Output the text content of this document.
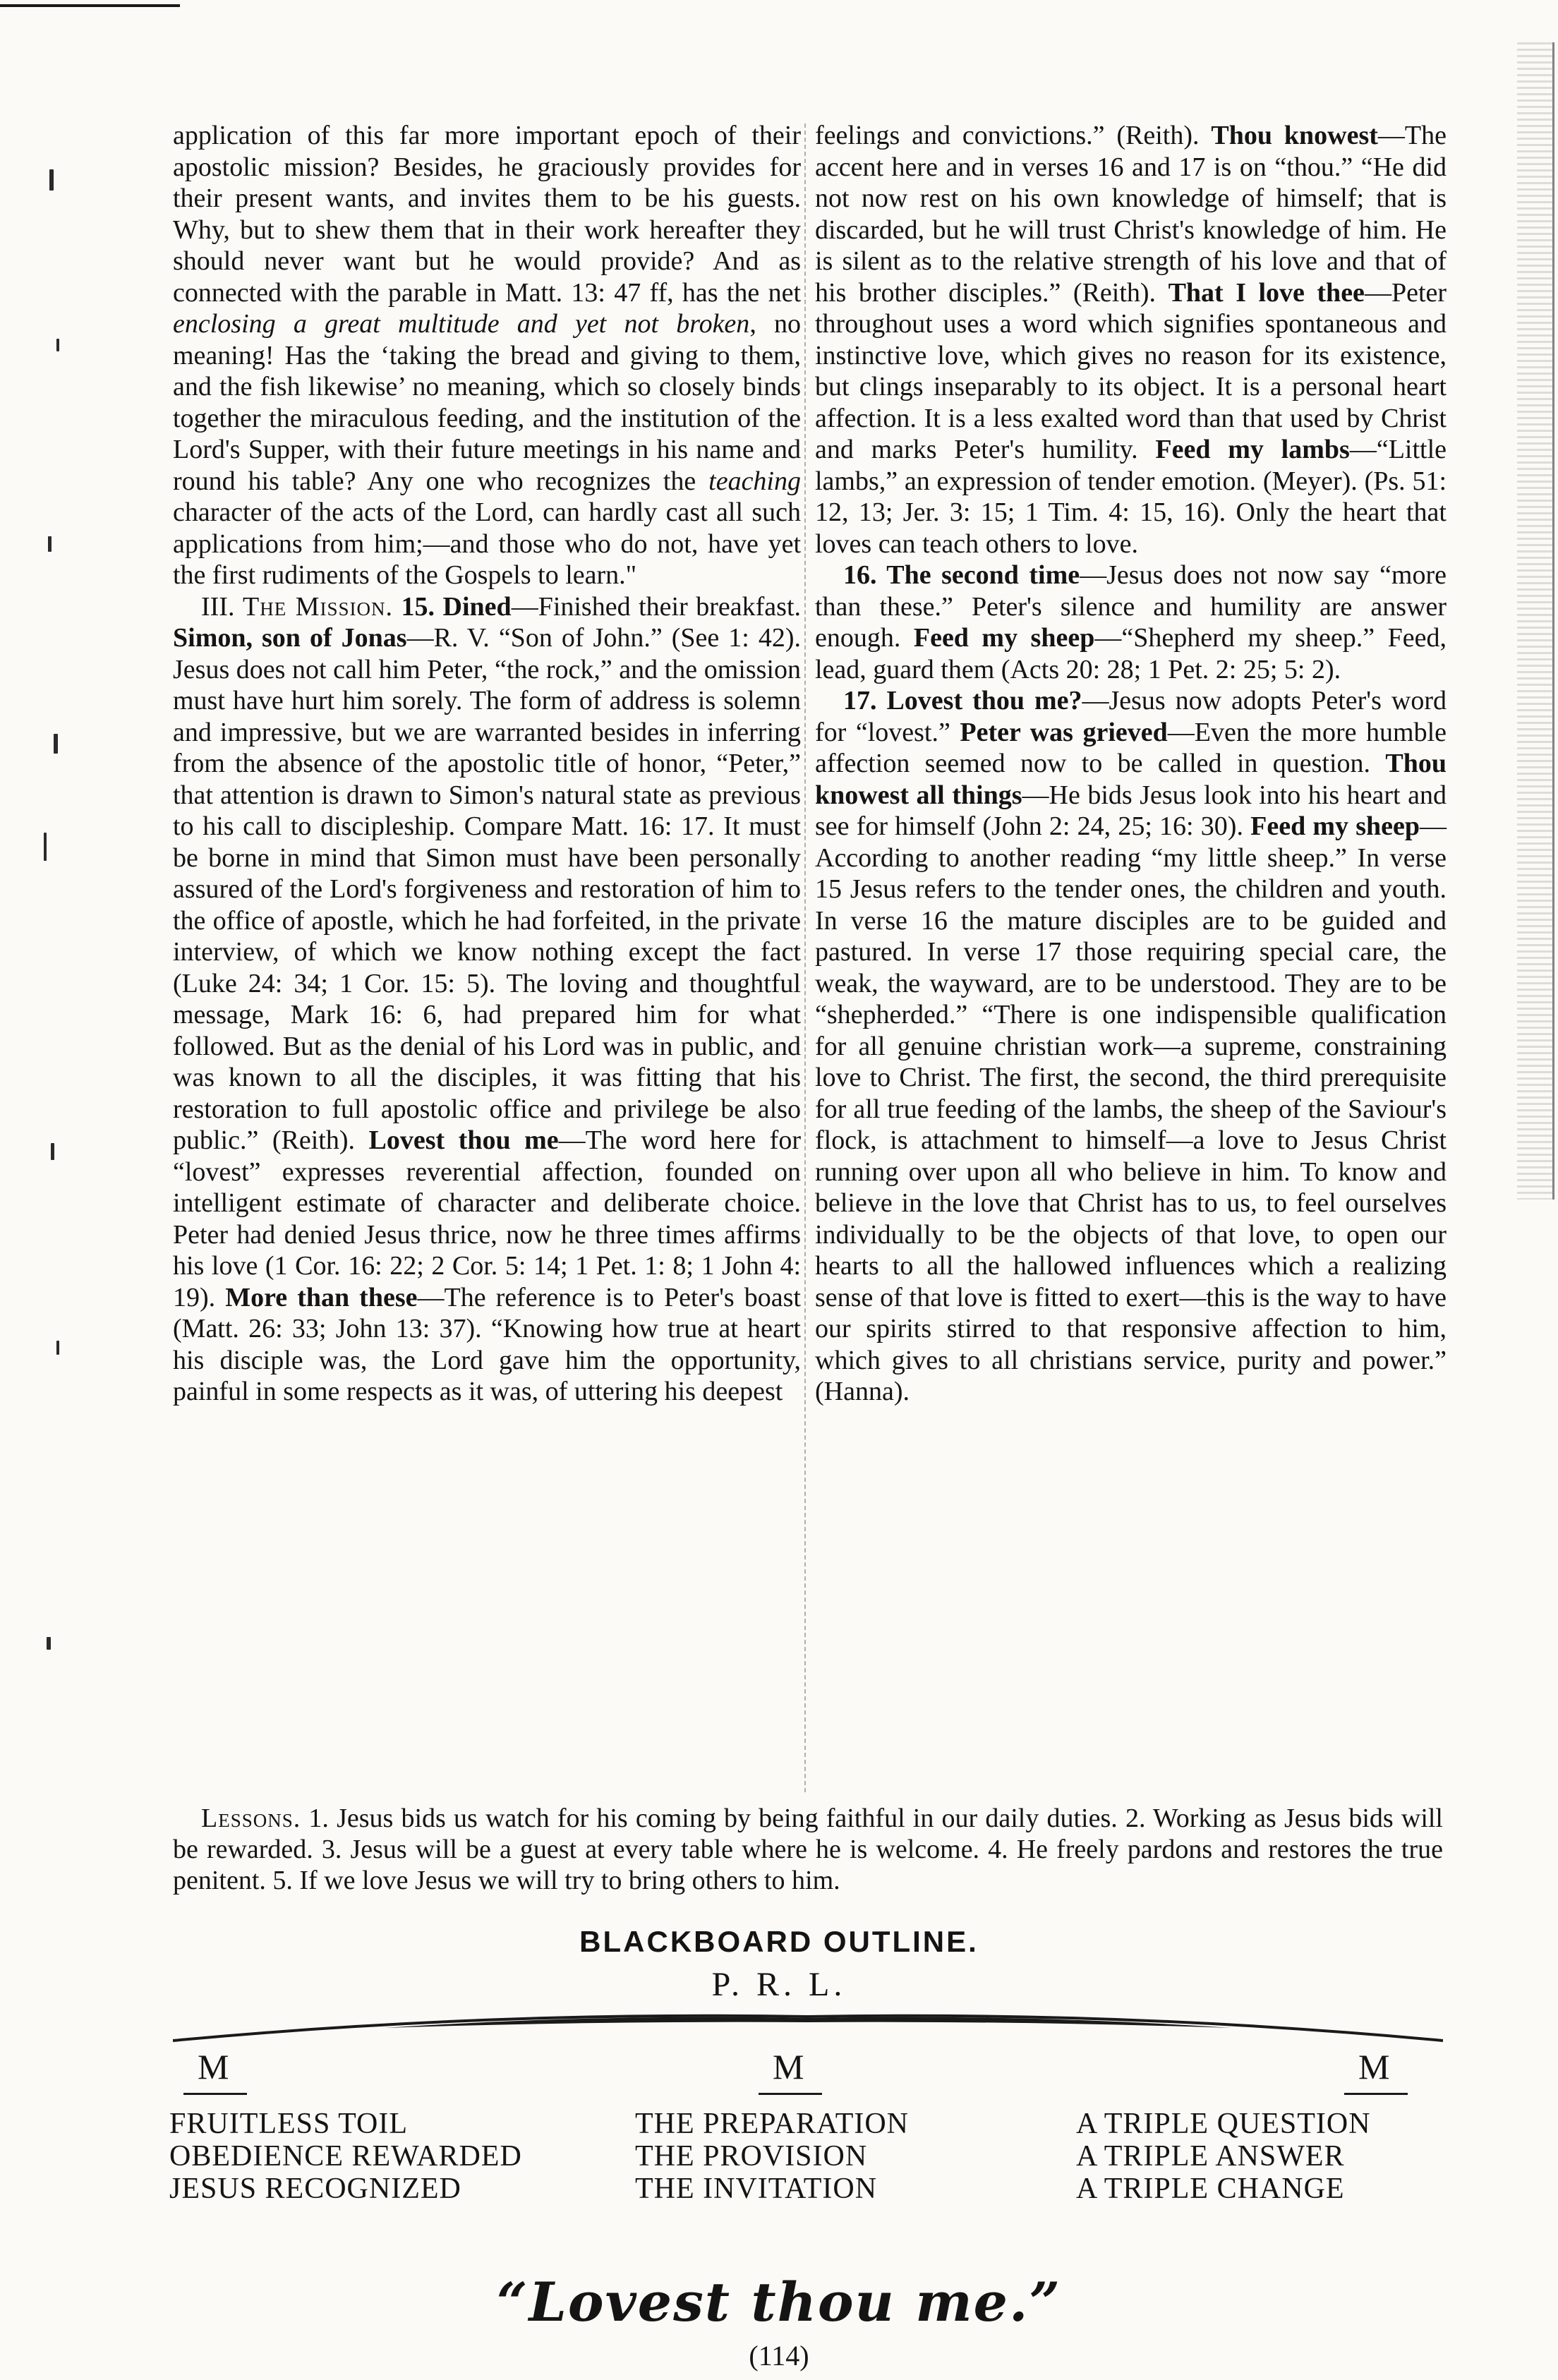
application of this far more important epoch of their apostolic mission? Besides, he graciously provides for their present wants, and invites them to be his guests. Why, but to shew them that in their work hereafter they should never want but he would provide? And as connected with the parable in Matt. 13: 47 ff, has the net enclosing a great multitude and yet not broken, no meaning! Has the ‘taking the bread and giving to them, and the fish likewise’ no meaning, which so closely binds together the miraculous feeding, and the institution of the Lord's Supper, with their future meetings in his name and round his table? Any one who recognizes the teaching character of the acts of the Lord, can hardly cast all such applications from him;—and those who do not, have yet the first rudiments of the Gospels to learn."

III. The Mission. 15. Dined—Finished their breakfast. Simon, son of Jonas—R. V. “Son of John.” (See 1: 42). Jesus does not call him Peter, “the rock,” and the omission must have hurt him sorely. The form of address is solemn and impressive, but we are warranted besides in inferring from the absence of the apostolic title of honor, “Peter,” that attention is drawn to Simon's natural state as previous to his call to discipleship. Compare Matt. 16: 17. It must be borne in mind that Simon must have been personally assured of the Lord's forgiveness and restoration of him to the office of apostle, which he had forfeited, in the private interview, of which we know nothing except the fact (Luke 24: 34; 1 Cor. 15: 5). The loving and thoughtful message, Mark 16: 6, had prepared him for what followed. But as the denial of his Lord was in public, and was known to all the disciples, it was fitting that his restoration to full apostolic office and privilege be also public.” (Reith). Lovest thou me—The word here for “lovest” expresses reverential affection, founded on intelligent estimate of character and deliberate choice. Peter had denied Jesus thrice, now he three times affirms his love (1 Cor. 16: 22; 2 Cor. 5: 14; 1 Pet. 1: 8; 1 John 4: 19). More than these—The reference is to Peter's boast (Matt. 26: 33; John 13: 37). “Knowing how true at heart his disciple was, the Lord gave him the opportunity, painful in some respects as it was, of uttering his deepest

feelings and convictions.” (Reith). Thou knowest—The accent here and in verses 16 and 17 is on “thou.” “He did not now rest on his own knowledge of himself; that is discarded, but he will trust Christ's knowledge of him. He is silent as to the relative strength of his love and that of his brother disciples.” (Reith). That I love thee—Peter throughout uses a word which signifies spontaneous and instinctive love, which gives no reason for its existence, but clings inseparably to its object. It is a personal heart affection. It is a less exalted word than that used by Christ and marks Peter's humility. Feed my lambs—“Little lambs,” an expression of tender emotion. (Meyer). (Ps. 51: 12, 13; Jer. 3: 15; 1 Tim. 4: 15, 16). Only the heart that loves can teach others to love.

16. The second time—Jesus does not now say “more than these.” Peter's silence and humility are answer enough. Feed my sheep—“Shepherd my sheep.” Feed, lead, guard them (Acts 20: 28; 1 Pet. 2: 25; 5: 2).

17. Lovest thou me?—Jesus now adopts Peter's word for “lovest.” Peter was grieved—Even the more humble affection seemed now to be called in question. Thou knowest all things—He bids Jesus look into his heart and see for himself (John 2: 24, 25; 16: 30). Feed my sheep—According to another reading “my little sheep.” In verse 15 Jesus refers to the tender ones, the children and youth. In verse 16 the mature disciples are to be guided and pastured. In verse 17 those requiring special care, the weak, the wayward, are to be understood. They are to be “shepherded.” “There is one indispensible qualification for all genuine christian work—a supreme, constraining love to Christ. The first, the second, the third prerequisite for all true feeding of the lambs, the sheep of the Saviour's flock, is attachment to himself—a love to Jesus Christ running over upon all who believe in him. To know and believe in the love that Christ has to us, to feel ourselves individually to be the objects of that love, to open our hearts to all the hallowed influences which a realizing sense of that love is fitted to exert—this is the way to have our spirits stirred to that responsive affection to him, which gives to all christians service, purity and power.” (Hanna).

Lessons. 1. Jesus bids us watch for his coming by being faithful in our daily duties. 2. Working as Jesus bids will be rewarded. 3. Jesus will be a guest at every table where he is welcome. 4. He freely pardons and restores the true penitent. 5. If we love Jesus we will try to bring others to him.

BLACKBOARD OUTLINE.
P. R. L.
M
FRUITLESS TOIL
OBEDIENCE REWARDED
JESUS RECOGNIZED
M
THE PREPARATION
THE PROVISION
THE INVITATION
M
A TRIPLE QUESTION
A TRIPLE ANSWER
A TRIPLE CHANGE
“Lovest thou me.”
(114)
